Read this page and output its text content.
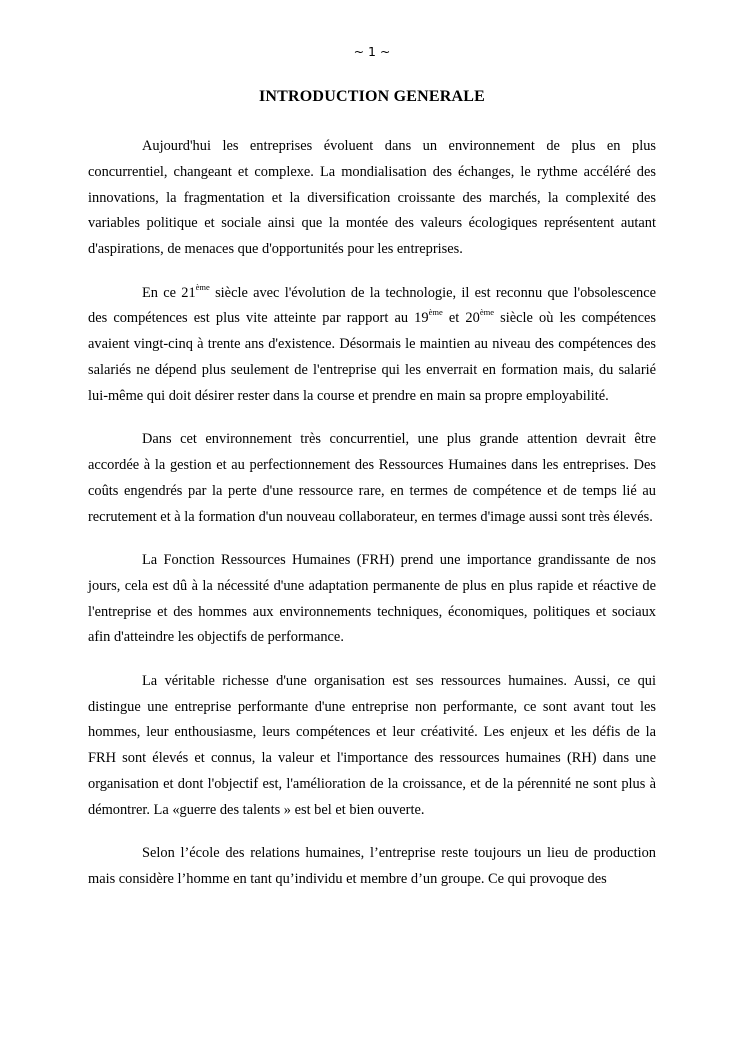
~ 1 ~
INTRODUCTION GENERALE

Aujourd'hui les entreprises évoluent dans un environnement de plus en plus concurrentiel, changeant et complexe. La mondialisation des échanges, le rythme accéléré des innovations, la fragmentation et la diversification croissante des marchés, la complexité des variables politique et sociale ainsi que la montée des valeurs écologiques représentent autant d'aspirations, de menaces que d'opportunités pour les entreprises.

En ce 21ème siècle avec l'évolution de la technologie, il est reconnu que l'obsolescence des compétences est plus vite atteinte par rapport au 19ème et 20ème siècle où les compétences avaient vingt-cinq à trente ans d'existence. Désormais le maintien au niveau des compétences des salariés ne dépend plus seulement de l'entreprise qui les enverrait en formation mais, du salarié lui-même qui doit désirer rester dans la course et prendre en main sa propre employabilité.

Dans cet environnement très concurrentiel, une plus grande attention devrait être accordée à la gestion et au perfectionnement des Ressources Humaines dans les entreprises. Des coûts engendrés par la perte d'une ressource rare, en termes de compétence et de temps lié au recrutement et à la formation d'un nouveau collaborateur, en termes d'image aussi sont très élevés.

La Fonction Ressources Humaines (FRH) prend une importance grandissante de nos jours, cela est dû à la nécessité d'une adaptation permanente de plus en plus rapide et réactive de l'entreprise et des hommes aux environnements techniques, économiques, politiques et sociaux afin d'atteindre les objectifs de performance.

La véritable richesse d'une organisation est ses ressources humaines. Aussi, ce qui distingue une entreprise performante d'une entreprise non performante, ce sont avant tout les hommes, leur enthousiasme, leurs compétences et leur créativité. Les enjeux et les défis de la FRH sont élevés et connus, la valeur et l'importance des ressources humaines (RH) dans une organisation et dont l'objectif est, l'amélioration de la croissance, et de la pérennité ne sont plus à démontrer. La «guerre des talents » est bel et bien ouverte.

Selon l’école des relations humaines, l’entreprise reste toujours un lieu de production mais considère l’homme en tant qu’individu et membre d’un groupe. Ce qui provoque des
